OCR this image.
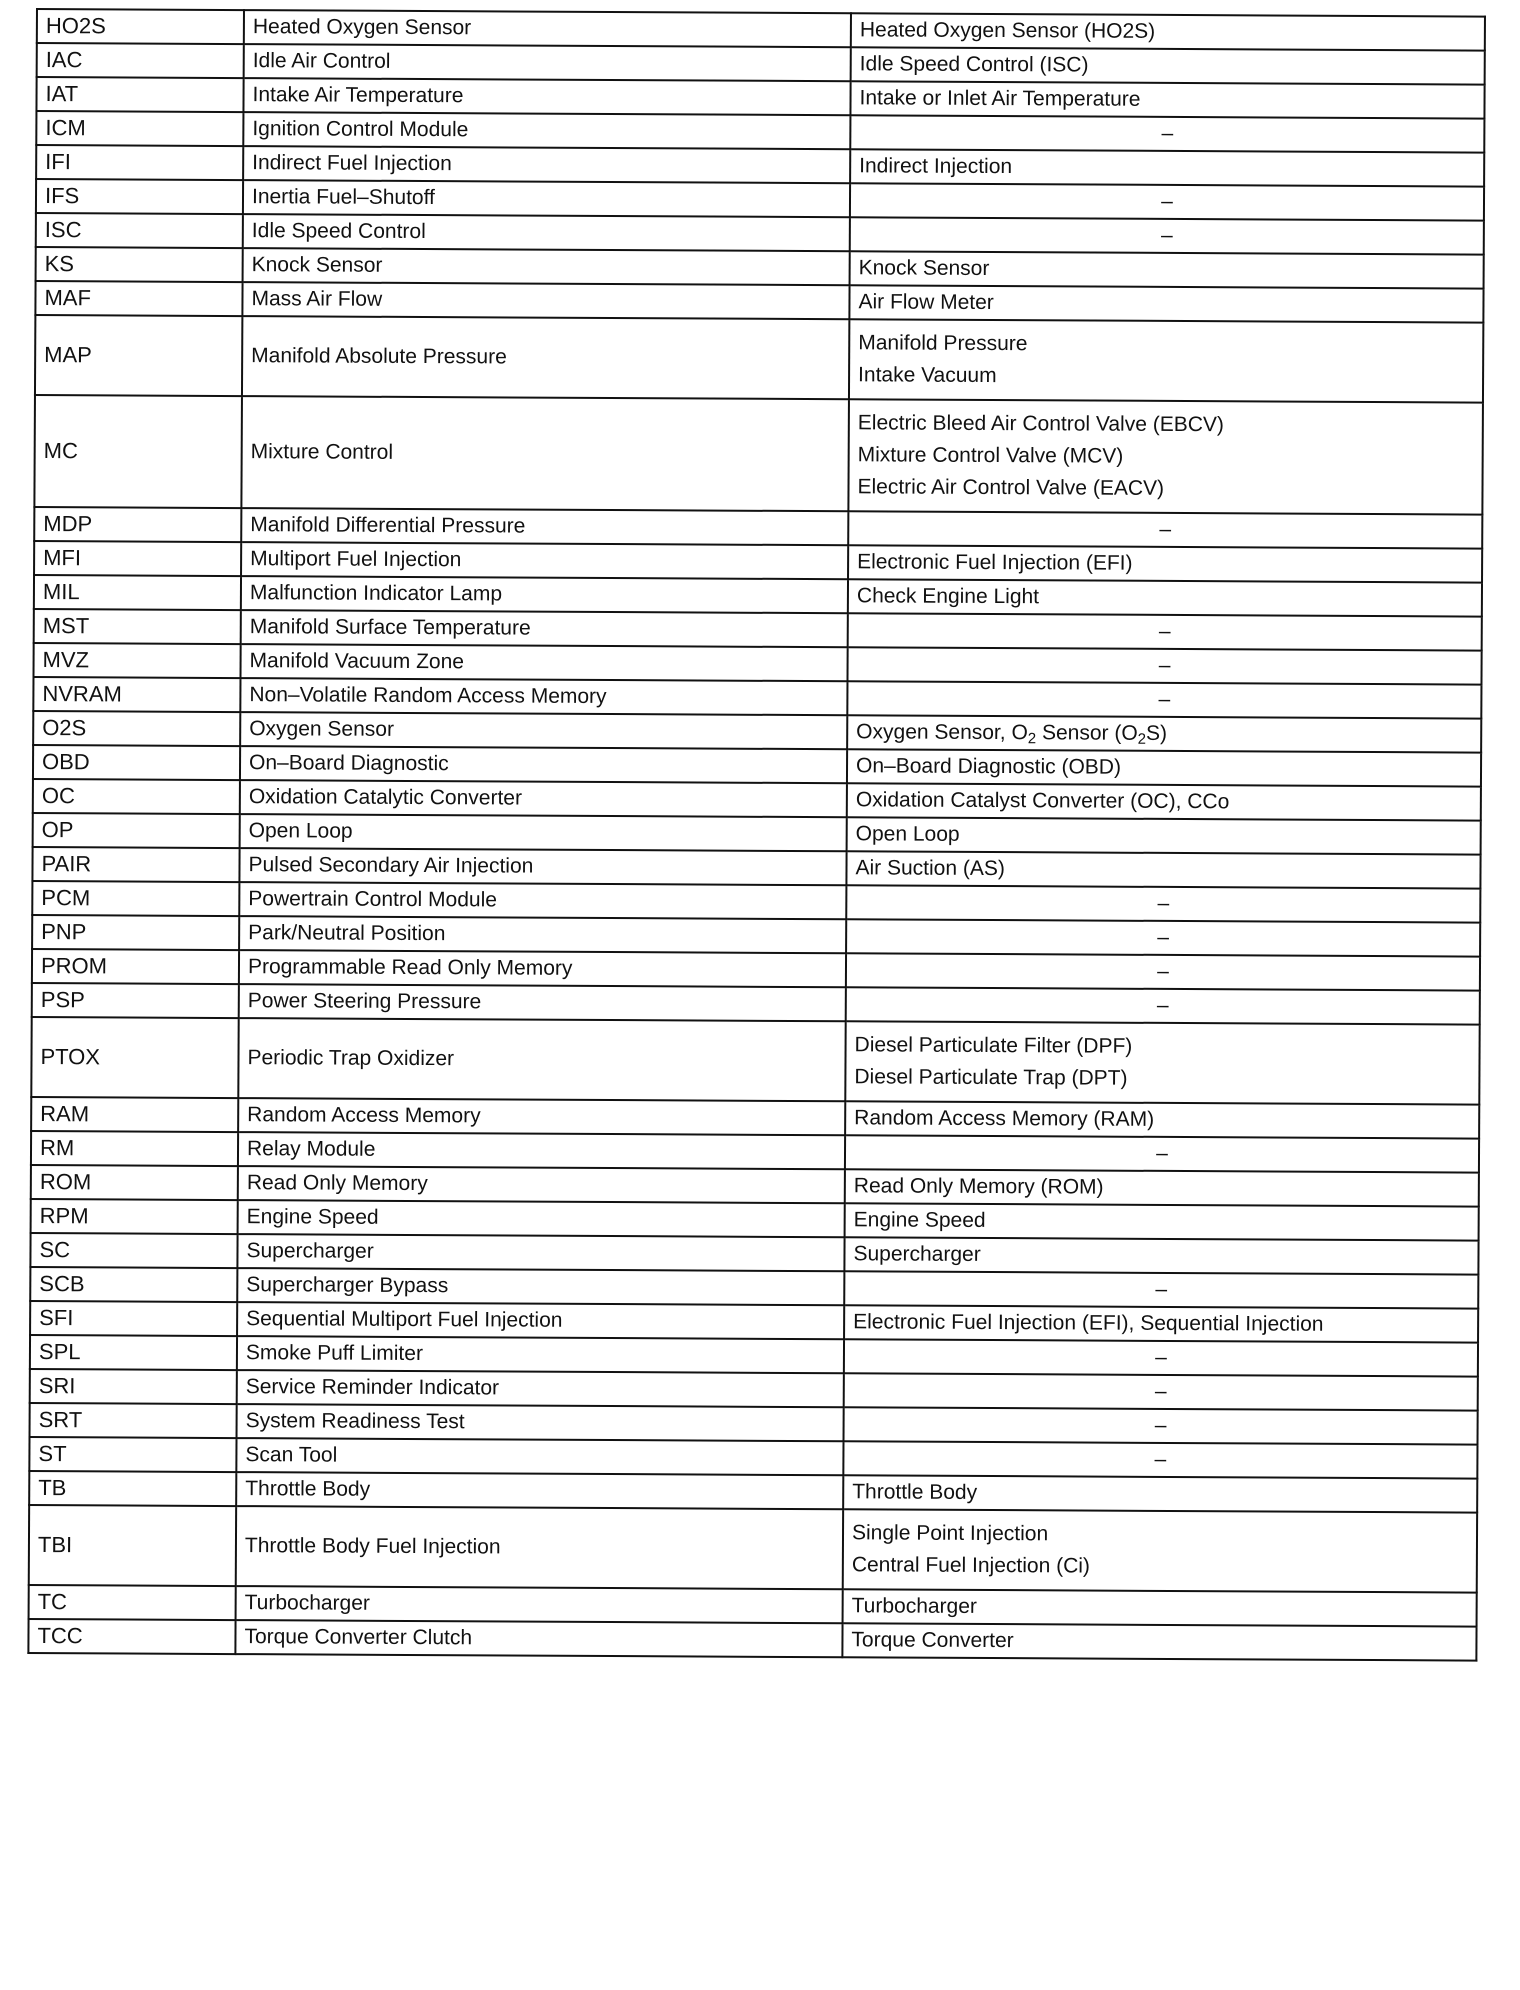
HO2S	Heated Oxygen Sensor	Heated Oxygen Sensor (HO2S)

IAC	Idle Air Control	Idle Speed Control (ISC)

IAT	Intake Air Temperature	Intake or Inlet Air Temperature

ICM	Ignition Control Module	–

IFI	Indirect Fuel Injection	Indirect Injection

IFS	Inertia Fuel–Shutoff	–

ISC	Idle Speed Control	–

KS	Knock Sensor	Knock Sensor

MAF	Mass Air Flow	Air Flow Meter

MAP	Manifold Absolute Pressure	Manifold Pressure
Intake Vacuum

MC	Mixture Control	Electric Bleed Air Control Valve (EBCV)
Mixture Control Valve (MCV)
Electric Air Control Valve (EACV)

MDP	Manifold Differential Pressure	–

MFI	Multiport Fuel Injection	Electronic Fuel Injection (EFI)

MIL	Malfunction Indicator Lamp	Check Engine Light

MST	Manifold Surface Temperature	–

MVZ	Manifold Vacuum Zone	–

NVRAM	Non–Volatile Random Access Memory	–

O2S	Oxygen Sensor	Oxygen Sensor, $O_2$ Sensor $(O_2S)$

OBD	On–Board Diagnostic	On–Board Diagnostic (OBD)

OC	Oxidation Catalytic Converter	Oxidation Catalyst Converter (OC), CCo

OP	Open Loop	Open Loop

PAIR	Pulsed Secondary Air Injection	Air Suction (AS)

PCM	Powertrain Control Module	–

PNP	Park/Neutral Position	–

PROM	Programmable Read Only Memory	–

PSP	Power Steering Pressure	–

PTOX	Periodic Trap Oxidizer	Diesel Particulate Filter (DPF)
Diesel Particulate Trap (DPT)

RAM	Random Access Memory	Random Access Memory (RAM)

RM	Relay Module	–

ROM	Read Only Memory	Read Only Memory (ROM)

RPM	Engine Speed	Engine Speed

SC	Supercharger	Supercharger

SCB	Supercharger Bypass	–

SFI	Sequential Multiport Fuel Injection	Electronic Fuel Injection (EFI), Sequential Injection

SPL	Smoke Puff Limiter	–

SRI	Service Reminder Indicator	–

SRT	System Readiness Test	–

ST	Scan Tool	–

TB	Throttle Body	Throttle Body

TBI	Throttle Body Fuel Injection	Single Point Injection
Central Fuel Injection (Ci)

TC	Turbocharger	Turbocharger

TCC	Torque Converter Clutch	Torque Converter
